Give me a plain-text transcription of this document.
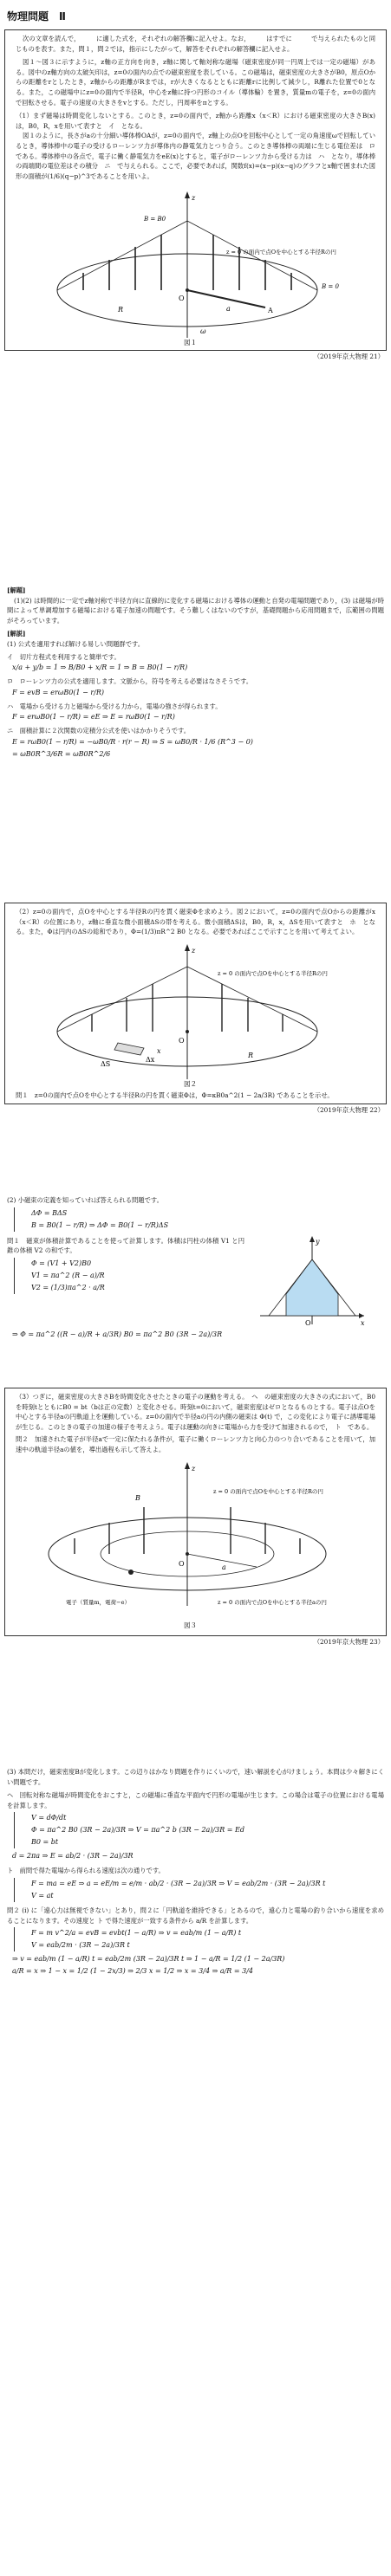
物理問題　Ⅱ
次の文章を読んで，　　　に適した式を，それぞれの解答欄に記入せよ。なお，　　　はすでに　　　で与えられたものと同じものを表す。また，問１，問２では，指示にしたがって，解答をそれぞれの解答欄に記入せよ。
図１〜図３に示すように，z軸の正方向を向き，z軸に関して軸対称な磁場（磁束密度が同一円周上では一定の磁場）がある。図中のz軸方向の太破矢印は，z=0の面内の点での磁束密度を表している。この磁場は，磁束密度の大きさがB0，原点Oからの距離をrとしたとき，z軸からの距離がRまでは，rが大きくなるとともに距離rに比例して減少し，R離れた位置で0となる。また，この磁場中にz=0の面内で半径R，中心をz軸に持つ円形のコイル（導体輪）を置き，質量mの電子を，z=0の面内で回転させる。電子の速度の大きさをvとする。ただし，円周率をπとする。
（1）まず磁場は時間変化しないとする。このとき，z=0の面内で，z軸から距離x（x＜R）における磁束密度の大きさB(x)は，B0，R，xを用いて表すと　イ　となる。
図１のように，長さがaの十分細い導体棒OAが，z=0の面内で，z軸上の点Oを回転中心として一定の角速度ωで回転しているとき，導体棒中の電子の受けるローレンツ力が導体内の静電気力とつり合う。このとき導体棒の両端に生じる電位差は　ロ　である。導体棒中の各点で，電子に働く静電気力をeE(x)とすると，電子がローレンツ力から受ける力は　ハ　となり，導体棒の両端間の電位差はその積分　ニ　で与えられる。ここで，必要であれば，関数f(x)=(x−p)(x−q)のグラフとx軸で囲まれた図形の面積が(1/6)(q−p)^3であることを用いよ。
z
O
A
a
R
B = B0
B = 0
ω
z = 0 の面内で点Oを中心とする半径Rの円
図１
（2019年京大物理 21）
[解題]
(1)(2) は時間的に一定でz軸対称で半径方向に直線的に変化する磁場における導体の運動と自発の電場問題であり，(3) は磁場が時間によって単調増加する磁場における電子加速の問題です。そう難しくはないのですが，基礎問題から応用問題まで，広範囲の問題がそろっています。
[解説]
(1) 公式を適用すれば解ける易しい問題群です。
イ　切片方程式を利用すると簡単です。
x/a + y/b = 1 ⇒ B/B0 + x/R = 1 ⇒ B = B0(1 − r/R)
ロ　ローレンツ力の公式を適用します。文脈から，符号を考える必要はなさそうです。
F = evB = erωB0(1 − r/R)
ハ　電場から受ける力と磁場から受ける力から，電場の強さが得られます。
F = erωB0(1 − r/R) = eE ⇒ E = rωB0(1 − r/R)
ニ　面積計算に２次関数の定積分公式を使いはかかりそうです。
E = rωB0(1 − r/R) = −ωB0/R · r(r − R) ⇒ S = ωB0/R · 1/6 (R^3 − 0)
= ωB0R^3/6R = ωB0R^2/6
（2）z=0の面内で，点Oを中心とする半径Rの円を貫く磁束Φを求めよう。図２において，z=0の面内で点Oからの距離がx（x＜R）の位置にあり，z軸に垂直な微小面積ΔSの帯を考える。微小面積ΔSは，B0，R，x，ΔSを用いて表すと　ホ　となる。また，Φは円内のΔSの総和であり，Φ=(1/3)πR^2 B0 となる。必要であればここで示すことを用いて考えてよい。
z
O
ΔS
R
x
Δx
z = 0 の面内で点Oを中心とする半径Rの円
図２
問１　z=0の面内で点Oを中心とする半径Rの円を貫く磁束Φは，Φ=κB0a^2(1 − 2a/3R) であることを示せ。
（2019年京大物理 22）
(2) 小磁束の定義を知っていれば答えられる問題です。
ΔΦ = BΔS
B = B0(1 − r/R) ⇒ ΔΦ = B0(1 − r/R)ΔS
問１　磁束が体積計算であることを使って計算します。体積は円柱の体積 V1 と円錐の体積 V2 の和です。
Φ = (V1 + V2)B0
V1 = πa^2 (R − a)/R
V2 = (1/3)πa^2 · a/R
y
x
O
⇒ Φ = πa^2 ((R − a)/R + a/3R) B0 = πa^2 B0 (3R − 2a)/3R
（3）つぎに，磁束密度の大きさBを時間変化させたときの電子の運動を考える。　ヘ　の磁束密度の大きさの式において，B0を時刻tとともにB0 = bt（bは正の定数）と変化させる。時刻t=0において，磁束密度はゼロとなるものとする。電子は点Oを中心とする半径aの円軌道上を運動している。z=0の面内で半径aの円の内側の磁束は Φ(t) で，この変化により電子に誘導電場が生じる。このときの電子の加速の様子を考えよう。電子は運動の向きに電場から力を受けて加速されるので，　ト　である。
問２　加速された電子が半径aで一定に保たれる条件が，電子に働くローレンツ力と向心力のつり合いであることを用いて，加速中の軌道半径aの値を，導出過程も示して答えよ。
z
O	a
B
z = 0 の面内で点Oを中心とする半径Rの円
z = 0 の面内で点Oを中心とする半径aの円
電子（質量m，電荷−e）
図３
（2019年京大物理 23）
(3) 本問だけ，磁束密度Bが変化します。この辺りはかなり問題を作りにくいので，速い解説を心がけましょう。本問は少々解きにくい問題です。
ヘ　回転対称な磁場が時間変化をおこすと，この磁場に垂直な平面内で円形の電場が生じます。この場合は電子の位置における電場を計算します。
V = dΦ/dt
Φ = πa^2 B0 (3R − 2a)/3R ⇒ V = πa^2 b (3R − 2a)/3R = Ed
B0 = bt
d = 2πa ⇒ E = ab/2 · (3R − 2a)/3R
ト　前問で得た電場から得られる速度は次の通りです。
F = ma = eE ⇒ a = eE/m = e/m · ab/2 · (3R − 2a)/3R ⇒ V = eab/2m · (3R − 2a)/3R t
V = at
問２ (i) に「遠心力は無視できない」とあり，問２に「円軌道を維持できる」とあるので，遠心力と電場の釣り合いから速度を求めることになります。その速度と ト で得た速度が一致する条件から a/R を計算します。
F = m v^2/a = evB = evbt(1 − a/R) ⇒ v = eab/m (1 − a/R) t
V = eab/2m · (3R − 2a)/3R t
⇒ v = eab/m (1 − a/R) t = eab/2m (3R − 2a)/3R t ⇒ 1 − a/R = 1/2 (1 − 2a/3R)
a/R = x ⇒ 1 − x = 1/2 (1 − 2x/3) ⇒ 2/3 x = 1/2 ⇒ x = 3/4 ⇒ a/R = 3/4
